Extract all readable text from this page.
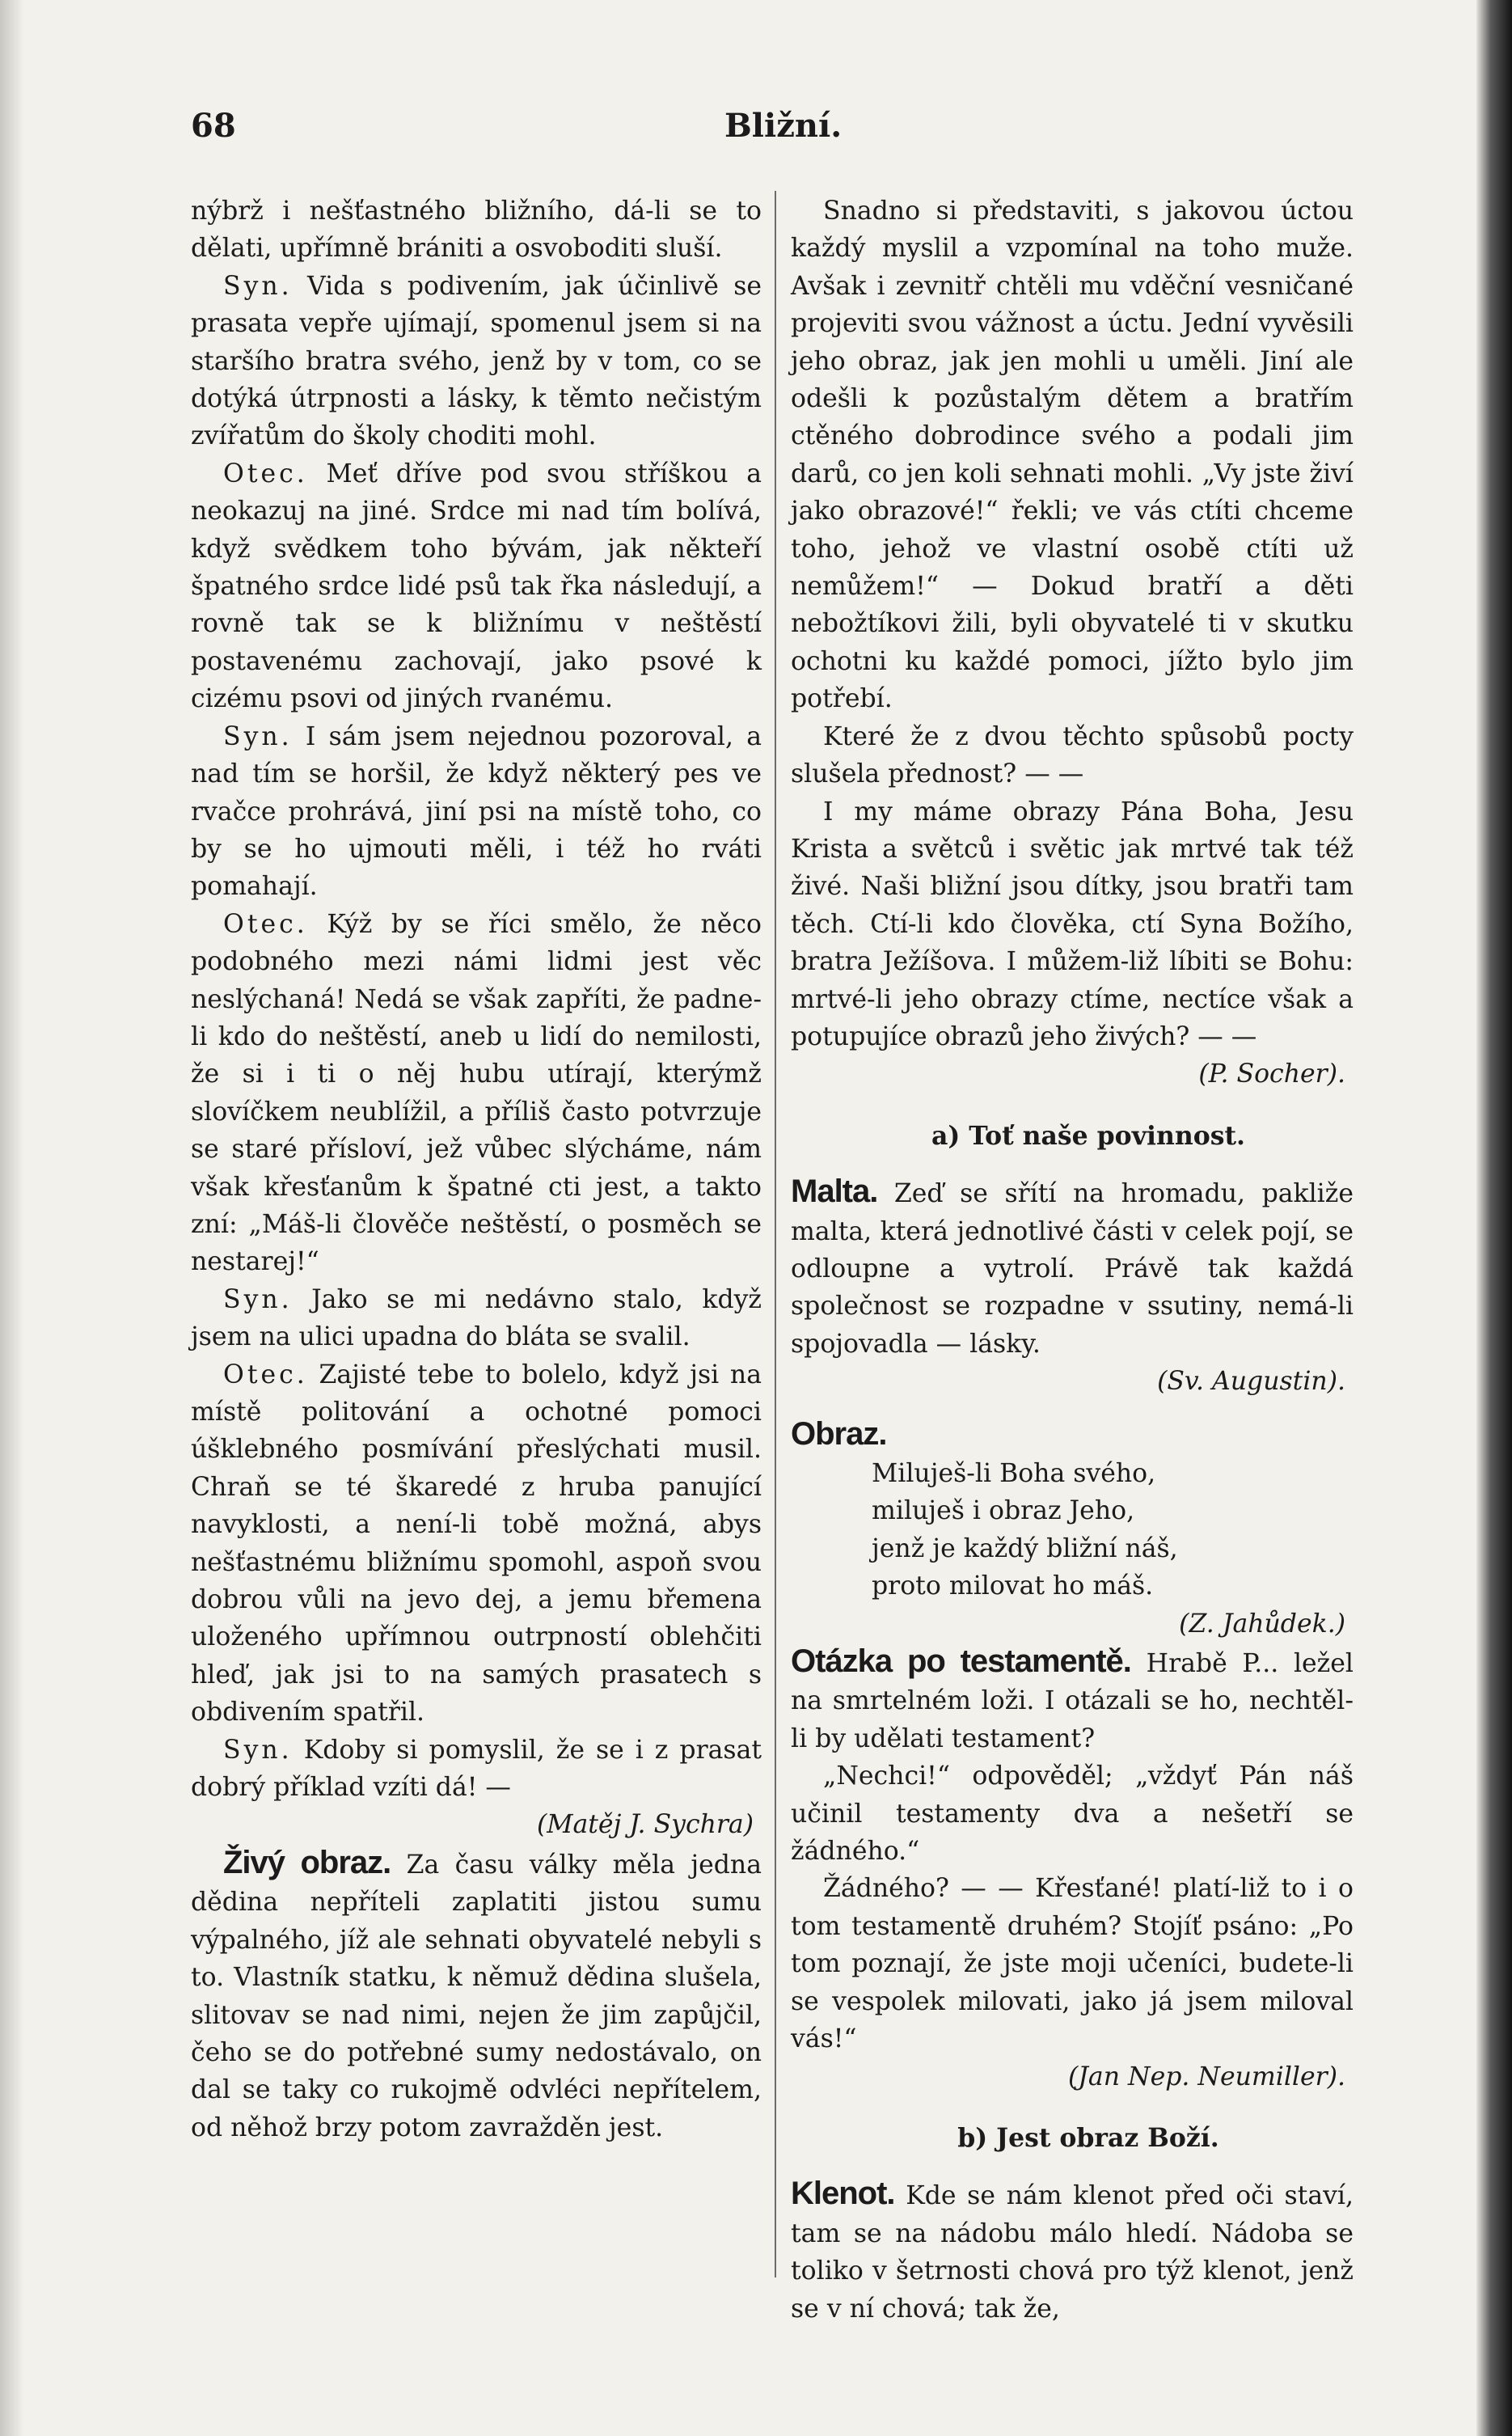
68	Bližní.

nýbrž i nešťastného bližního, dá-li se to dělati, upřímně brániti a osvoboditi sluší.

Syn. Vida s podivením, jak účinlivě se prasata vepře ujímají, spomenul jsem si na staršího bratra svého, jenž by v tom, co se dotýká útrpnosti a lásky, k těmto nečistým zvířatům do školy choditi mohl.

Otec. Meť dříve pod svou stříškou a neokazuj na jiné. Srdce mi nad tím bolívá, když svědkem toho bývám, jak někteří špatného srdce lidé psů tak řka následují, a rovně tak se k bližnímu v neštěstí postavenému zachovají, jako psové k cizému psovi od jiných rvanému.

Syn. I sám jsem nejednou pozoroval, a nad tím se horšil, že když některý pes ve rvačce prohrává, jiní psi na místě toho, co by se ho ujmouti měli, i též ho rváti pomahají.

Otec. Kýž by se říci smělo, že něco podobného mezi námi lidmi jest věc neslýchaná! Nedá se však zapříti, že padne-li kdo do neštěstí, aneb u lidí do nemilosti, že si i ti o něj hubu utírají, kterýmž slovíčkem neublížil, a příliš často potvrzuje se staré přísloví, jež vůbec slýcháme, nám však křesťanům k špatné cti jest, a takto zní: „Máš-li člověče neštěstí, o posměch se nestarej!“

Syn. Jako se mi nedávno stalo, když jsem na ulici upadna do bláta se svalil.

Otec. Zajisté tebe to bolelo, když jsi na místě politování a ochotné pomoci úšklebného posmívání přeslýchati musil. Chraň se té škaredé z hruba panující navyklosti, a není-li tobě možná, abys nešťastnému bližnímu spomohl, aspoň svou dobrou vůli na jevo dej, a jemu břemena uloženého upřímnou outrpností oblehčiti hleď, jak jsi to na samých prasatech s obdivením spatřil.

Syn. Kdoby si pomyslil, že se i z prasat dobrý příklad vzíti dá! —

(Matěj J. Sychra)

Živý obraz. Za času války měla jedna dědina nepříteli zaplatiti jistou sumu výpalného, jíž ale sehnati obyvatelé nebyli s to. Vlastník statku, k němuž dědina slušela, slitovav se nad nimi, nejen že jim zapůjčil, čeho se do potřebné sumy nedostávalo, on dal se taky co rukojmě odvléci nepřítelem, od něhož brzy potom zavražděn jest.

Snadno si představiti, s jakovou úctou každý myslil a vzpomínal na toho muže. Avšak i zevnitř chtěli mu vděční vesničané projeviti svou vážnost a úctu. Jední vyvěsili jeho obraz, jak jen mohli u uměli. Jiní ale odešli k pozůstalým dětem a bratřím ctěného dobrodince svého a podali jim darů, co jen koli sehnati mohli. „Vy jste živí jako obrazové!“ řekli; ve vás ctíti chceme toho, jehož ve vlastní osobě ctíti už nemůžem!“ — Dokud bratří a děti nebožtíkovi žili, byli obyvatelé ti v skutku ochotni ku každé pomoci, jížto bylo jim potřebí.

Které že z dvou těchto spůsobů pocty slušela přednost? — —

I my máme obrazy Pána Boha, Jesu Krista a světců i světic jak mrtvé tak též živé. Naši bližní jsou dítky, jsou bratři tam těch. Ctí-li kdo člověka, ctí Syna Božího, bratra Ježíšova. I můžem-liž líbiti se Bohu: mrtvé-li jeho obrazy ctíme, nectíce však a potupujíce obrazů jeho živých? — —

(P. Socher).

a) Toť naše povinnost.

Malta. Zeď se sřítí na hromadu, pakliže malta, která jednotlivé části v celek pojí, se odloupne a vytrolí. Právě tak každá společnost se rozpadne v ssutiny, nemá-li spojovadla — lásky.

(Sv. Augustin).

Obraz.

Miluješ-li Boha svého,
miluješ i obraz Jeho,
jenž je každý bližní náš,
proto milovat ho máš.

(Z. Jahůdek.)

Otázka po testamentě. Hrabě P... ležel na smrtelném loži. I otázali se ho, nechtěl-li by udělati testament?

„Nechci!“ odpověděl; „vždyť Pán náš učinil testamenty dva a nešetří se žádného.“

Žádného? — — Křesťané! platí-liž to i o tom testamentě druhém? Stojíť psáno: „Po tom poznají, že jste moji učeníci, budete-li se vespolek milovati, jako já jsem miloval vás!“

(Jan Nep. Neumiller).

b) Jest obraz Boží.

Klenot. Kde se nám klenot před oči staví, tam se na nádobu málo hledí. Nádoba se toliko v šetrnosti chová pro týž klenot, jenž se v ní chová; tak že,
